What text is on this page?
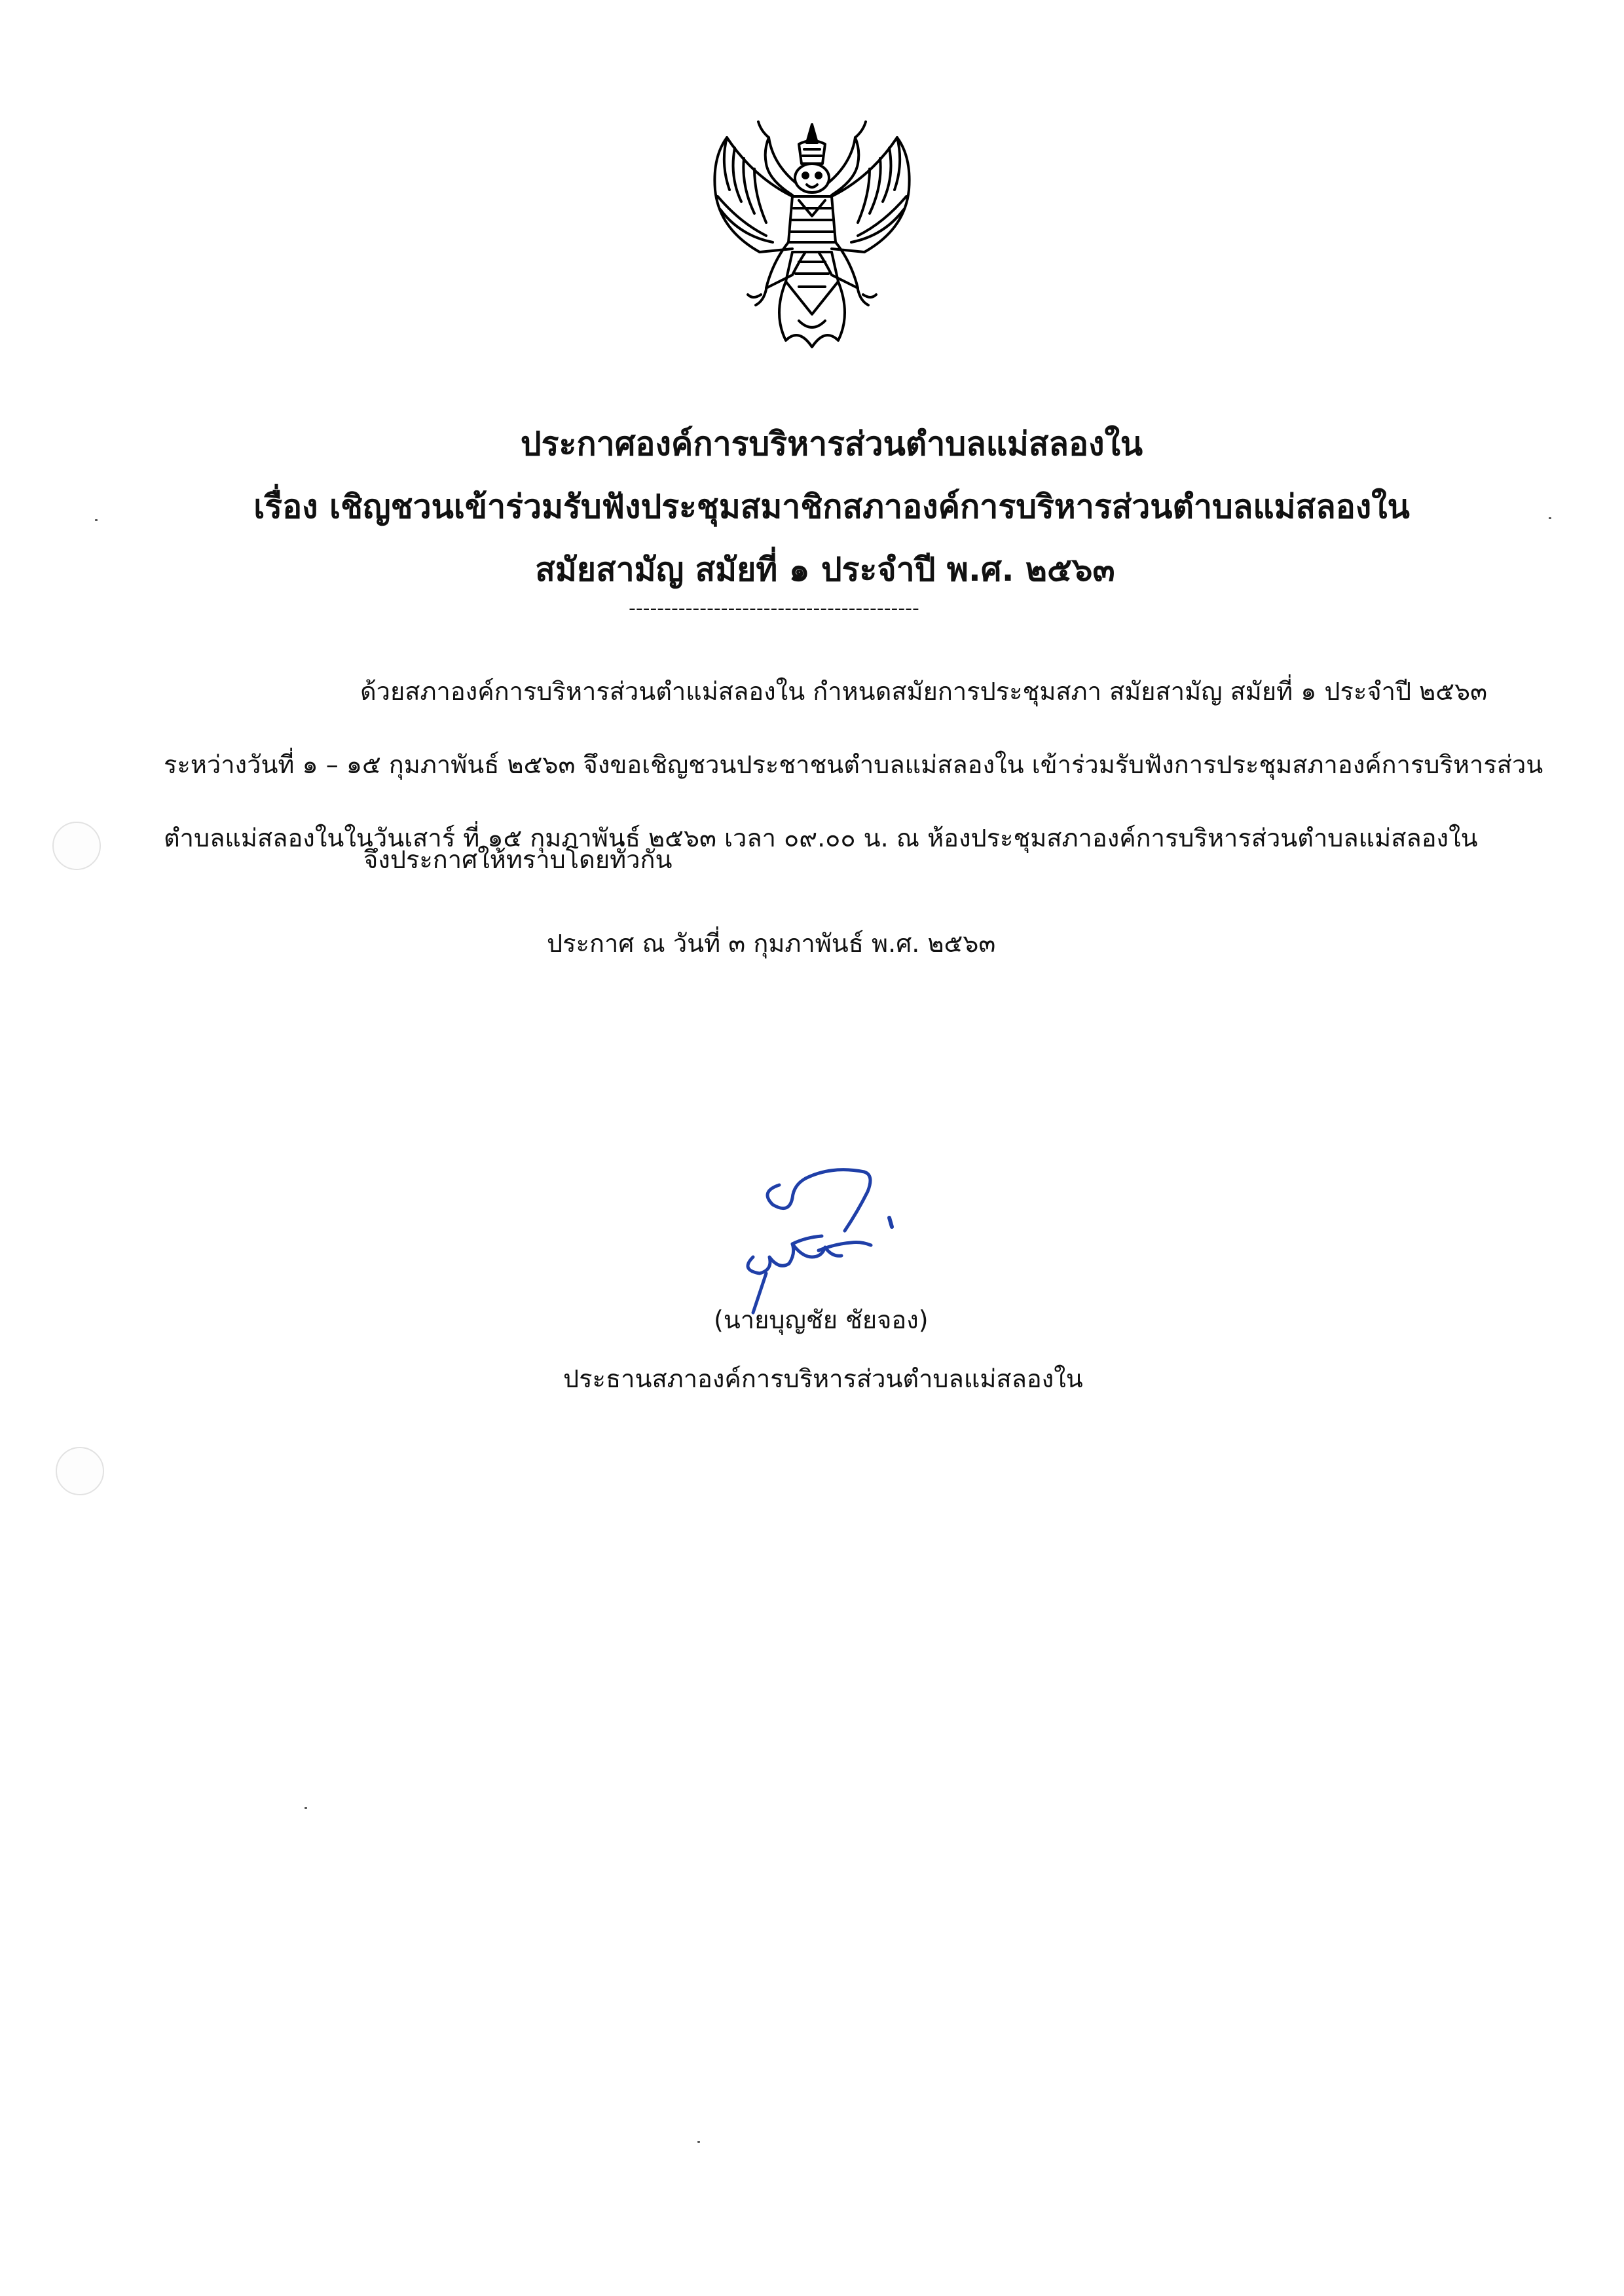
ประกาศองค์การบริหารส่วนตำบลแม่สลองใน
เรื่อง เชิญชวนเข้าร่วมรับฟังประชุมสมาชิกสภาองค์การบริหารส่วนตำบลแม่สลองใน
สมัยสามัญ สมัยที่ ๑ ประจำปี พ.ศ. ๒๕๖๓
-----------------------------------------
ด้วยสภาองค์การบริหารส่วนตำแม่สลองใน กำหนดสมัยการประชุมสภา สมัยสามัญ สมัยที่ ๑ ประจำปี ๒๕๖๓
ระหว่างวันที่ ๑ – ๑๕ กุมภาพันธ์ ๒๕๖๓ จึงขอเชิญชวนประชาชนตำบลแม่สลองใน เข้าร่วมรับฟังการประชุมสภาองค์การบริหารส่วน
ตำบลแม่สลองในในวันเสาร์ ที่ ๑๕ กุมภาพันธ์ ๒๕๖๓ เวลา ๐๙.๐๐ น. ณ ห้องประชุมสภาองค์การบริหารส่วนตำบลแม่สลองใน
จึงประกาศให้ทราบโดยทั่วกัน
ประกาศ ณ วันที่ ๓ กุมภาพันธ์ พ.ศ. ๒๕๖๓
(นายบุญชัย ชัยจอง)
ประธานสภาองค์การบริหารส่วนตำบลแม่สลองใน
